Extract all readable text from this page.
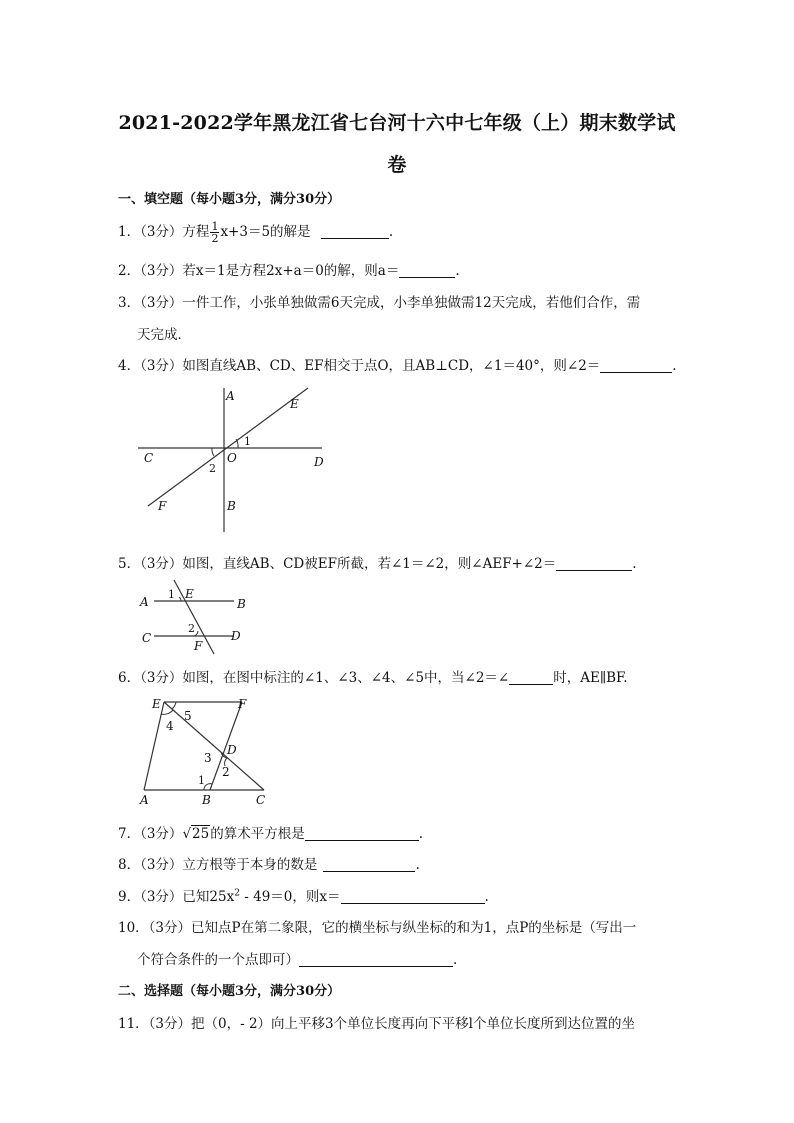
2021-2022学年黑龙江省七台河十六中七年级（上）期末数学试
卷
一、填空题（每小题3分，满分30分）
1．（3分）方程 $\frac{1}{2} x+3=5$的解是	.
2．（3分）若x＝1是方程2x+a＝0的解，则a＝	.
3．（3分）一件工作，小张单独做需6天完成，小李单独做需12天完成，若他们合作，需
天完成．
4．（3分）如图直线AB、CD、EF相交于点O，且AB⊥CD，∠1＝40°，则∠2＝	.
A
E
1
C	O	D
2
F	B
5．（3分）如图，直线AB、CD被EF所截，若∠1＝∠2，则∠AEF+∠2＝	.
A
1 E
B
C
2
D
F
6．（3分）如图，在图中标注的∠1、∠3、∠4、∠5中，当∠2＝∠	时，AE∥BF.
E
5
F
4
3
D
2
1
A	B	C
7．（3分）√25的算术平方根是	.
8．（3分）立方根等于本身的数是	.
9．（3分）已知$25x^2 - 49=0$，则x＝	.
10．（3分）已知点P在第二象限，它的横坐标与纵坐标的和为1，点P的坐标是（写出一
个符合条件的一个点即可）	.
二、选择题（每小题3分，满分30分）
11．（3分）把（0，- 2）向上平移3个单位长度再向下平移l个单位长度所到达位置的坐
